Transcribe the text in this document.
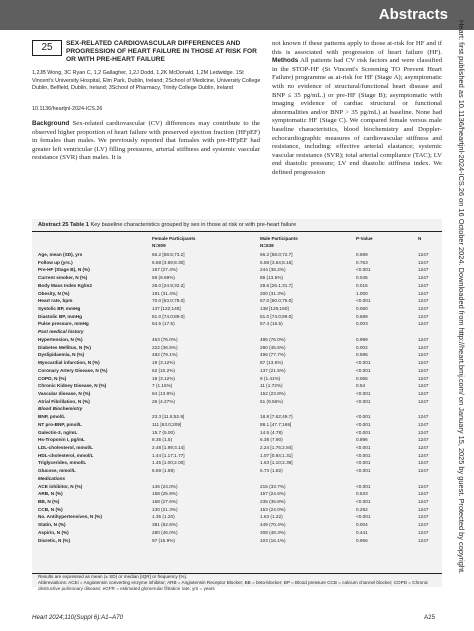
Abstracts
25	SEX-RELATED CARDIOVASCULAR DIFFERENCES AND PROGRESSION OF HEART FAILURE IN THOSE AT RISK FOR OR WITH PRE-HEART FAILURE
1,2JB Wong, 3C Ryan C, 1,2 Gallagher, 1,2J Dodd, 1,2K McDonald, 1,2M Ledwidge. 1St Vincent's University Hospital, Elm Park, Dublin, Ireland; 2School of Medicine, University College Dublin, Belfield, Dublin, Ireland; 3School of Pharmacy, Trinity College Dublin, Ireland
10.1136/heartjnl-2024-ICS.26
Background Sex-related cardiovascular (CV) differences may contribute to the observed higher proportion of heart failure with preserved ejection fraction (HFpEF) in females than males. We previously reported that females with pre-HFpEF had greater left ventricular (LV) filling pressures, arterial stiffness and systemic vascular resistance (SVR) than males. It is
not known if these patterns apply to those at-risk for HF and if this is associated with progression of heart failure (HF). Methods All patients had CV risk factors and were classified in the STOP-HF (St Vincent's Screening TO Prevent Heart Failure) programme as at-risk for HF (Stage A); asymptomatic with no evidence of structural/functional heart disease and BNP ≤ 35 pg/mL.) or pre-HF (Stage B); asymptomatic with imaging evidence of cardiac structural or functional abnormalities and/or BNP > 35 pg/mL) at baseline. None had symptomatic HF (Stage C). We compared female versus male baseline characteristics, blood biochemistry and Doppler-echocardiographic measures of cardiovascular stiffness and resistance, including: effective arterial elastance; systemic vascular resistance (SVR); total arterial compliance (TAC); LV end diastolic pressure; LV end diastolic stiffness index. We defined progression
Abstract 25 Table 1 Key baseline characteristics grouped by sex in those at risk or with pre-heart failure
Female Participants
N=609
Male Participants
N=638
P-Value	N
Age, mean (SD), yrs	66.2 [58.5;73.2]	66.2 [58.0;72.7]	0.699	1247
Follow up (yrs.)	5.58 [3.59;8.30]	5.58 [3.54;8.15]	0.763	1247
Pre-HF (Stage B), N (%)	167 (27.4%)	244 (38.2%)	<0.001	1247
Current smoker, N (%)	59 (9.69%)	86 (13.5%)	0.045	1247
Body Mass Index Kg/m2	28.0 [24.9;32.2]	28.6 [26.1;31.7]	0.015	1247
Obesity, N (%)	191 (31.4%)	200 (31.3%)	1.000	1247
Heart rate, bpm	70.0 [63.0;78.0]	67.0 [60.0;75.0]	<0.001	1247
Systolic BP, mmHg	137 [122;148]	138 [126;150]	0.060	1247
Diastolic BP, mmHg	81.0 [74.0;89.0]	81.0 [74.0;89.0]	0.689	1247
Pulse pressure, mmHg	54.5 (17.5)	57.4 (16.5)	0.003	1247
Past medical history
Hypertension, N (%)	463 (76.0%)	485 (76.0%)	0.999	1247
Diabetes Mellitus, N (%)	222 (36.5%)	290 (45.5%)	0.002	1247
Dyslipidaemia, N (%)	482 (79.1%)	496 (77.7%)	0.595	1247
Myocardial infarction, N (%)	19 (3.12%)	87 (13.6%)	<0.001	1247
Coronary Artery Disease, N (%)	62 (10.2%)	137 (21.5%)	<0.001	1247
COPD, N (%)	19 (3.12%)	9 (1.41%)	0.065	1247
Chronic Kidney Disease, N (%)	7 (1.15%)	11 (1.72%)	0.54	1247
Vascular disease, N (%)	84 (13.8%)	152 (23.8%)	<0.001	1247
Atrial Fibrillation, N (%)	26 (4.27%)	61 (9.56%)	<0.001	1247
Blood Biochemistry
BNP, pmol/L	23.3 [11.5;52.9]	18.8 [7.62;49.7]	<0.001	1247
NT pro-BNP, pmol/L	111 [63.0;209]	88.1 [47.7;169]	<0.001	1247
Galectin-3, ng/mL	15.7 (5.00)	14.5 (4.78)	<0.001	1247
Hs-Troponin I, pg/mL	8.35 (1.5)	6.38 (7.90)	0.896	1247
LDL-cholesterol, mmol/L	2.48 [1.99;3.14]	2.24 [1.76;2.84]	<0.001	1247
HDL-cholesterol, mmol/L	1.44 [1.17;1.77]	1.07 [0.84;1.31]	<0.001	1247
Triglycerides, mmol/L	1.45 [1.00;2.00]	1.63 [1.10;2.39]	<0.001	1247
Glucose, mmol/L	6.59 (1.89)	6.73 (1.82)	<0.001	1247
Medications
ACE inhibitor, N (%)	146 (24.0%)	215 (33.7%)	<0.001	1247
ARB, N (%)	158 (25.9%)	157 (24.6%)	0.633	1247
BB, N (%)	168 (27.6%)	235 (36.8%)	<0.001	1247
CCB, N (%)	130 (21.3%)	153 (24.0%)	0.292	1247
No. Antihypertensives, N (%)	1.35 (1.20)	1.63 (1.22)	<0.001	1247
Statin, N (%)	381 (62.6%)	449 (70.4%)	0.004	1247
Aspirin, N (%)	280 (46.0%)	308 (48.3%)	0.441	1247
Diuretic, N (%)	97 (15.9%)	103 (16.1%)	0.956	1247
Results are expressed as mean (± SD) or median [IQR] or frequency (%).
Abbreviations: ACEi = Angiotensin converting enzyme inhibitor; ARB = Angiotensin Receptor Blocker; BB = beta-blocker; BP = Blood pressure CCB = calcium channel blocker; COPD = Chronic obstructive pulmonary disease; eGFR = estimated glomerular filtration rate; yrs = years
Heart 2024;110(Suppl 6):A1–A70	A25
Heart: first published as 10.1136/heartjnl-2024-ICS.26 on 16 October 2024. Downloaded from http://heart.bmj.com/ on January 15, 2025 by guest. Protected by copyright.
